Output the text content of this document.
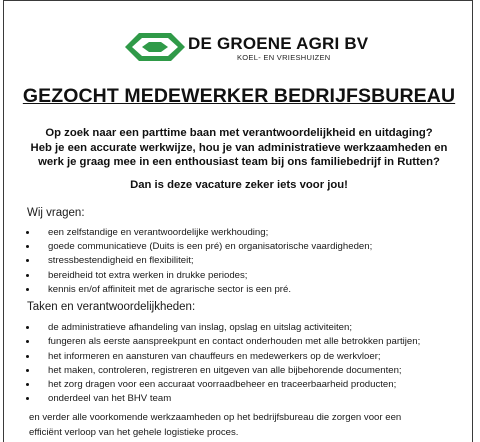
DE GROENE AGRI BV
KOEL- EN VRIESHUIZEN
GEZOCHT MEDEWERKER BEDRIJFSBUREAU
Op zoek naar een parttime baan met verantwoordelijkheid en uitdaging?
Heb je een accurate werkwijze, hou je van administratieve werkzaamheden en
werk je graag mee in een enthousiast team bij ons familiebedrijf in Rutten?
Dan is deze vacature zeker iets voor jou!
Wij vragen:
een zelfstandige en verantwoordelijke werkhouding;
goede communicatieve (Duits is een pré) en organisatorische vaardigheden;
stressbestendigheid en flexibiliteit;
bereidheid tot extra werken in drukke periodes;
kennis en/of affiniteit met de agrarische sector is een pré.
Taken en verantwoordelijkheden:
de administratieve afhandeling van inslag, opslag en uitslag activiteiten;
fungeren als eerste aanspreekpunt en contact onderhouden met alle betrokken partijen;
het informeren en aansturen van chauffeurs en medewerkers op de werkvloer;
het maken, controleren, registreren en uitgeven van alle bijbehorende documenten;
het zorg dragen voor een accuraat voorraadbeheer en traceerbaarheid producten;
onderdeel van het BHV team
en verder alle voorkomende werkzaamheden op het bedrijfsbureau die zorgen voor een
efficiënt verloop van het gehele logistieke proces.
